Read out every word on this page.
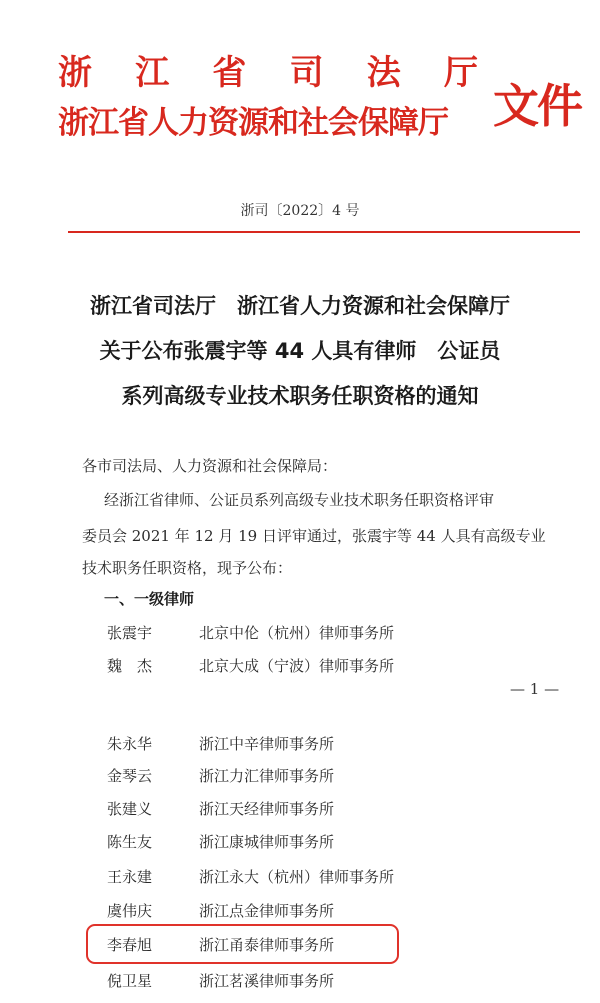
浙 江 省 司 法 厅
浙江省人力资源和社会保障厅 文件
浙司〔2022〕4 号
浙江省司法厅　浙江省人力资源和社会保障厅
关于公布张震宇等 44 人具有律师　公证员
系列高级专业技术职务任职资格的通知
各市司法局、人力资源和社会保障局：
经浙江省律师、公证员系列高级专业技术职务任职资格评审
委员会 2021 年 12 月 19 日评审通过，张震宇等 44 人具有高级专业
技术职务任职资格，现予公布：
一、一级律师
张震宇	北京中伦（杭州）律师事务所
魏　杰	北京大成（宁波）律师事务所
— 1 —
朱永华	浙江中辛律师事务所
金琴云	浙江力汇律师事务所
张建义	浙江天经律师事务所
陈生友	浙江康城律师事务所
王永建	浙江永大（杭州）律师事务所
虞伟庆	浙江点金律师事务所
李春旭	浙江甬泰律师事务所
倪卫星	浙江茗溪律师事务所
